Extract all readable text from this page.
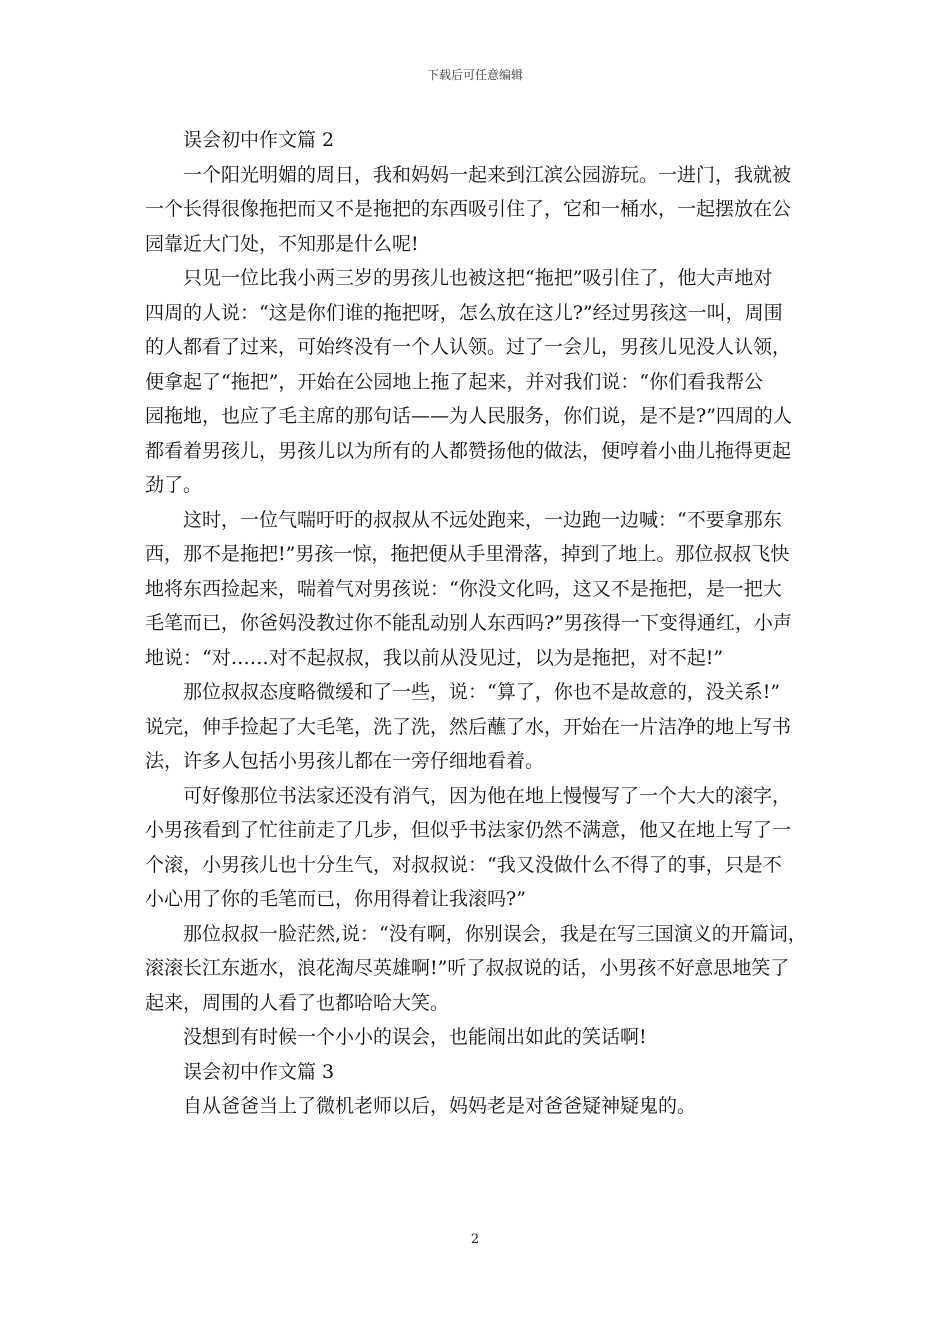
下载后可任意编辑

误会初中作文篇 2

一个阳光明媚的周日，我和妈妈一起来到江滨公园游玩。一进门，我就被

一个长得很像拖把而又不是拖把的东西吸引住了，它和一桶水，一起摆放在公

园靠近大门处，不知那是什么呢!

只见一位比我小两三岁的男孩儿也被这把“拖把”吸引住了，他大声地对

四周的人说：“这是你们谁的拖把呀，怎么放在这儿?”经过男孩这一叫，周围

的人都看了过来，可始终没有一个人认领。过了一会儿，男孩儿见没人认领，

便拿起了“拖把”，开始在公园地上拖了起来，并对我们说：“你们看我帮公

园拖地，也应了毛主席的那句话——为人民服务，你们说，是不是?”四周的人

都看着男孩儿，男孩儿以为所有的人都赞扬他的做法，便哼着小曲儿拖得更起

劲了。

这时，一位气喘吁吁的叔叔从不远处跑来，一边跑一边喊：“不要拿那东

西，那不是拖把!”男孩一惊，拖把便从手里滑落，掉到了地上。那位叔叔飞快

地将东西捡起来，喘着气对男孩说：“你没文化吗，这又不是拖把，是一把大

毛笔而已，你爸妈没教过你不能乱动别人东西吗?”男孩得一下变得通红，小声

地说：“对……对不起叔叔，我以前从没见过，以为是拖把，对不起!”

那位叔叔态度略微缓和了一些，说：“算了，你也不是故意的，没关系!”

说完，伸手捡起了大毛笔，洗了洗，然后蘸了水，开始在一片洁净的地上写书

法，许多人包括小男孩儿都在一旁仔细地看着。

可好像那位书法家还没有消气，因为他在地上慢慢写了一个大大的滚字，

小男孩看到了忙往前走了几步，但似乎书法家仍然不满意，他又在地上写了一

个滚，小男孩儿也十分生气，对叔叔说：“我又没做什么不得了的事，只是不

小心用了你的毛笔而已，你用得着让我滚吗?”

那位叔叔一脸茫然,说：“没有啊，你别误会，我是在写三国演义的开篇词，

滚滚长江东逝水，浪花淘尽英雄啊!”听了叔叔说的话，小男孩不好意思地笑了

起来，周围的人看了也都哈哈大笑。

没想到有时候一个小小的误会，也能闹出如此的笑话啊!

误会初中作文篇 3

自从爸爸当上了微机老师以后，妈妈老是对爸爸疑神疑鬼的。

2
